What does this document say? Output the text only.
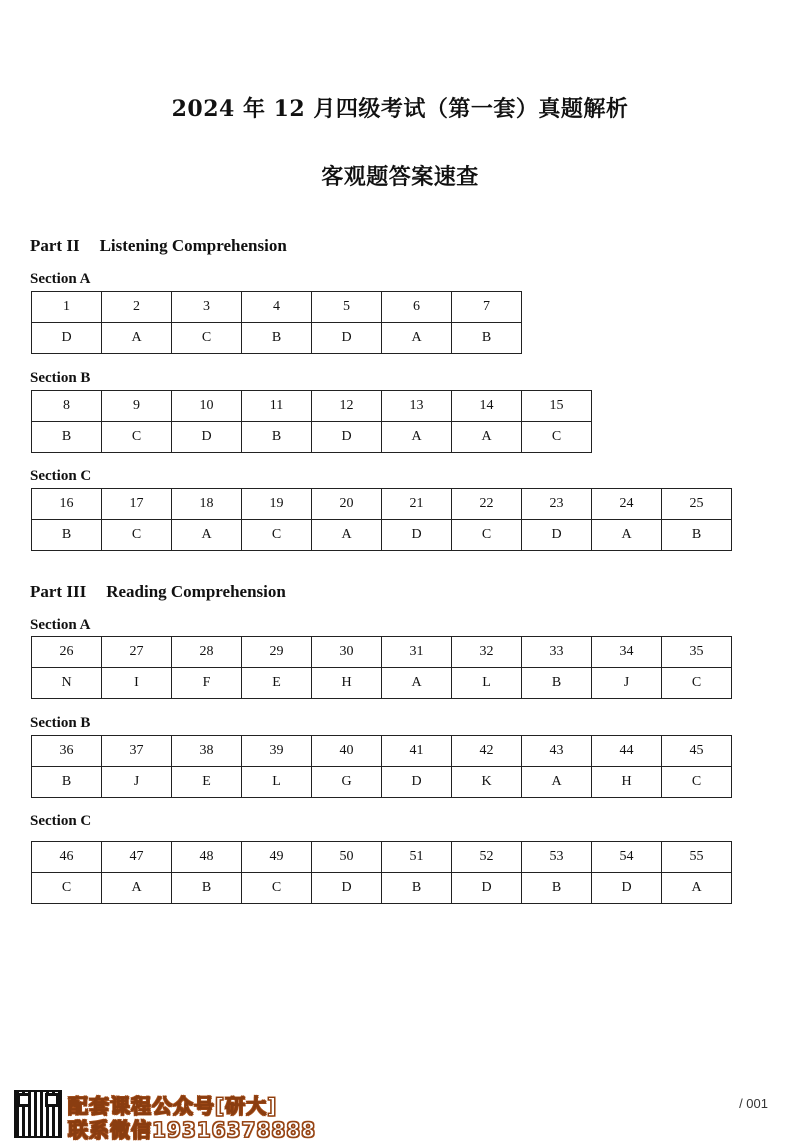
2024 年 12 月四级考试（第一套）真题解析
客观题答案速查
Part II Listening Comprehension
Section A
1	2	3	4	5	6	7
D	A	C	B	D	A	B
Section B
8	9	10	11	12	13	14	15
B	C	D	B	D	A	A	C
Section C
16	17	18	19	20	21	22	23	24	25
B	C	A	C	A	D	C	D	A	B
Part III Reading Comprehension
Section A
26	27	28	29	30	31	32	33	34	35
N	I	F	E	H	A	L	B	J	C
Section B
36	37	38	39	40	41	42	43	44	45
B	J	E	L	G	D	K	A	H	C
Section C
46	47	48	49	50	51	52	53	54	55
C	A	B	C	D	B	D	B	D	A
配套课程公众号[研大]
联系微信19316378888
/ 001
